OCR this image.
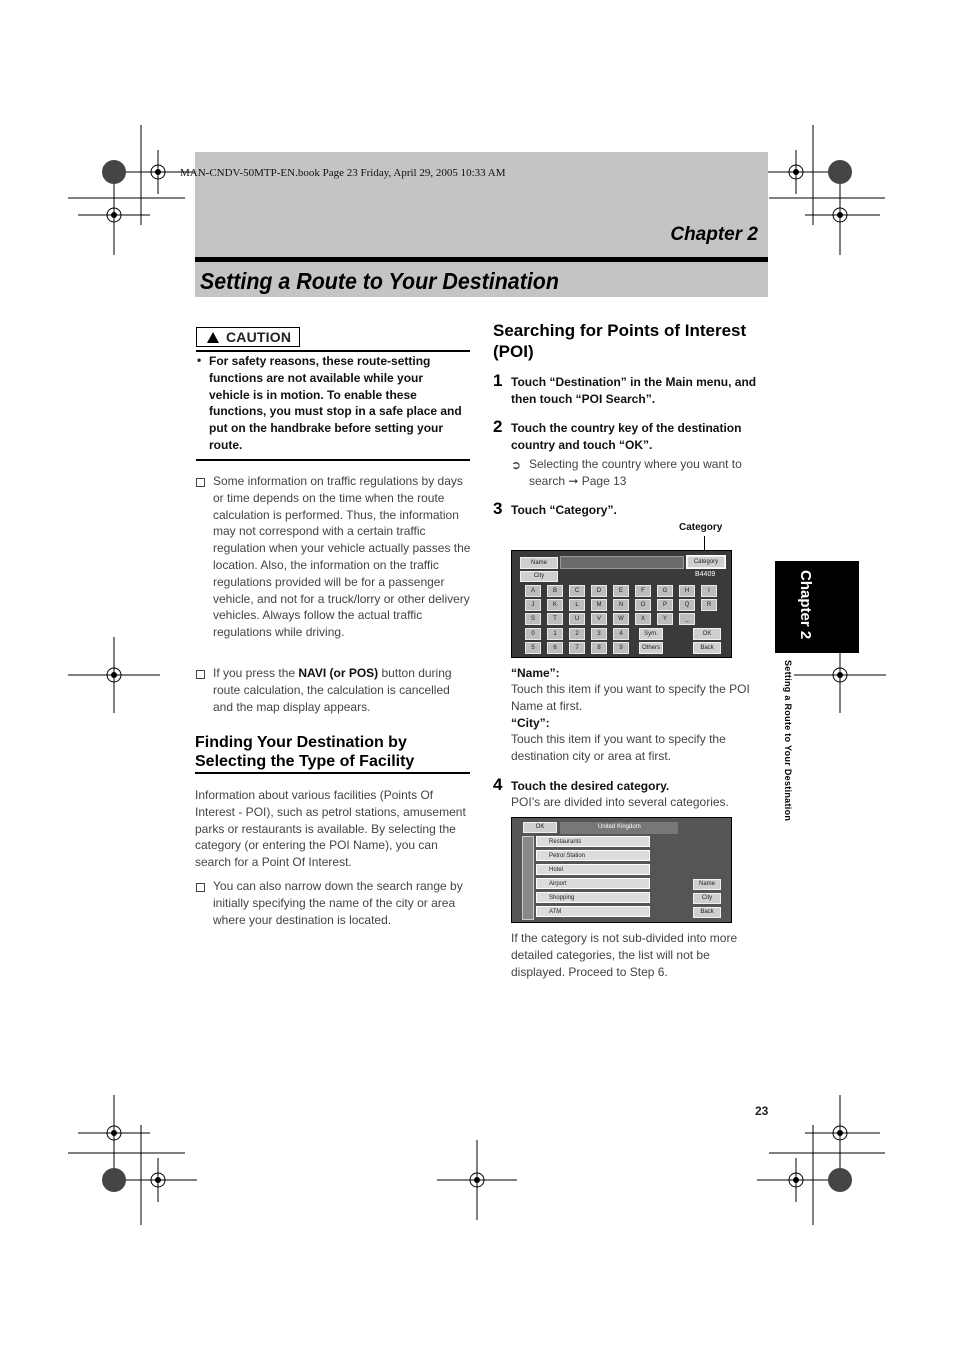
MAN-CNDV-50MTP-EN.book Page 23 Friday, April 29, 2005 10:33 AM
Chapter 2
Setting a Route to Your Destination
CAUTION
• For safety reasons, these route-setting functions are not available while your vehicle is in motion. To enable these functions, you must stop in a safe place and put on the handbrake before setting your route.
Some information on traffic regulations by days or time depends on the time when the route calculation is performed. Thus, the information may not correspond with a certain traffic regulation when your vehicle actually passes the location. Also, the information on the traffic regulations provided will be for a passenger vehicle, and not for a truck/lorry or other delivery vehicles. Always follow the actual traffic regulations while driving.
If you press the NAVI (or POS) button during route calculation, the calculation is cancelled and the map display appears.
Finding Your Destination by Selecting the Type of Facility
Information about various facilities (Points Of Interest - POI), such as petrol stations, amusement parks or restaurants is available. By selecting the category (or entering the POI Name), you can search for a Point Of Interest.
You can also narrow down the search range by initially specifying the name of the city or area where your destination is located.
Searching for Points of Interest (POI)
1 Touch “Destination” in the Main menu, and then touch “POI Search”.
2 Touch the country key of the destination country and touch “OK”.
➲ Selecting the country where you want to search ➞ Page 13
3 Touch “Category”.
Category
Name	Category
City	B4409
A	B	C	D	E	F	G	H	I
J	K	L	M	N	O	P	Q	R
S	T	U	V	W	X	Y	_
0	1	2	3	4
5	6	7	8	9
Sym.	OK
Others	Back
“Name”:
Touch this item if you want to specify the POI Name at first.
“City”:
Touch this item if you want to specify the destination city or area at first.
4 Touch the desired category.
POI’s are divided into several categories.
OK	United Kingdom
Restaurants
Petrol Station
Hotel
Airport
Shopping
ATM
Name
City
Back
If the category is not sub-divided into more detailed categories, the list will not be displayed. Proceed to Step 6.
Chapter 2
Setting a Route to Your Destination
23
